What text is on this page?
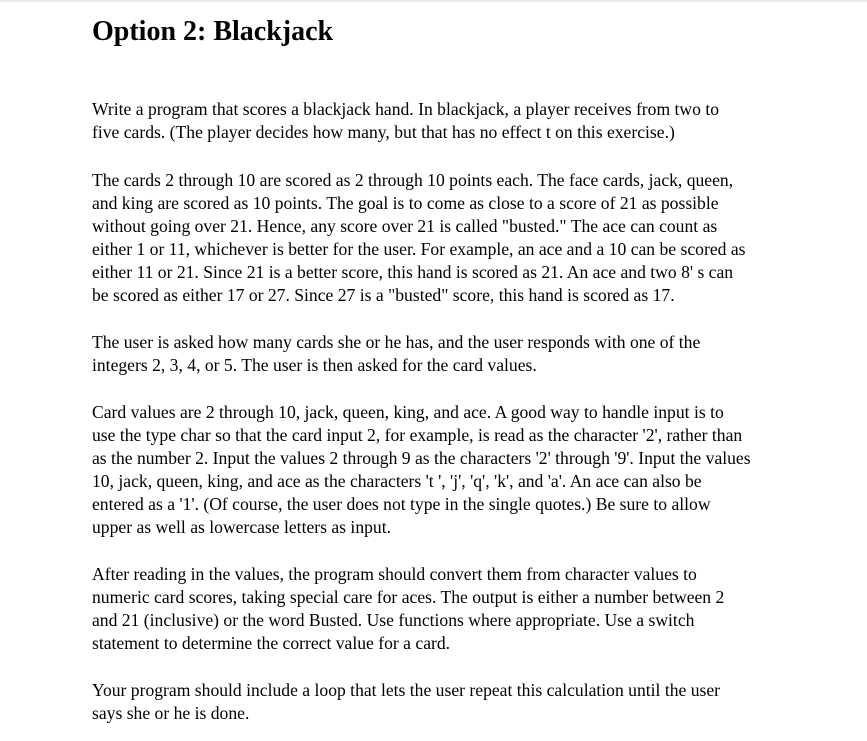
Option 2: Blackjack

Write a program that scores a blackjack hand. In blackjack, a player receives from two to
five cards. (The player decides how many, but that has no effect t on this exercise.)

The cards 2 through 10 are scored as 2 through 10 points each. The face cards, jack, queen,
and king are scored as 10 points. The goal is to come as close to a score of 21 as possible
without going over 21. Hence, any score over 21 is called "busted." The ace can count as
either 1 or 11, whichever is better for the user. For example, an ace and a 10 can be scored as
either 11 or 21. Since 21 is a better score, this hand is scored as 21. An ace and two 8' s can
be scored as either 17 or 27. Since 27 is a "busted" score, this hand is scored as 17.

The user is asked how many cards she or he has, and the user responds with one of the
integers 2, 3, 4, or 5. The user is then asked for the card values.

Card values are 2 through 10, jack, queen, king, and ace. A good way to handle input is to
use the type char so that the card input 2, for example, is read as the character '2', rather than
as the number 2. Input the values 2 through 9 as the characters '2' through '9'. Input the values
10, jack, queen, king, and ace as the characters 't ', 'j', 'q', 'k', and 'a'. An ace can also be
entered as a '1'. (Of course, the user does not type in the single quotes.) Be sure to allow
upper as well as lowercase letters as input.

After reading in the values, the program should convert them from character values to
numeric card scores, taking special care for aces. The output is either a number between 2
and 21 (inclusive) or the word Busted. Use functions where appropriate. Use a switch
statement to determine the correct value for a card.

Your program should include a loop that lets the user repeat this calculation until the user
says she or he is done.
